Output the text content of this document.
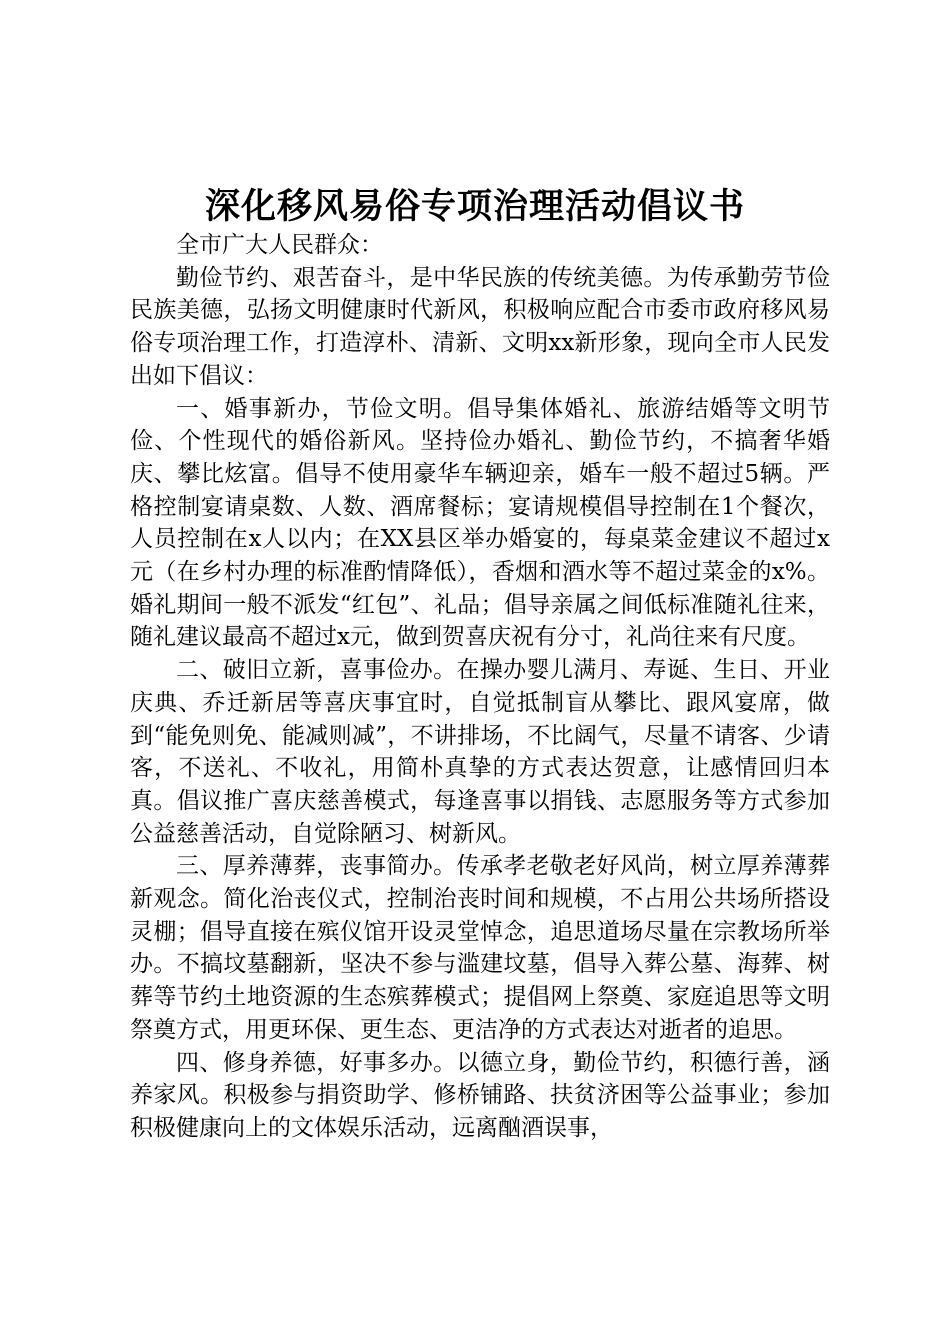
深化移风易俗专项治理活动倡议书

全市广大人民群众：

勤俭节约、艰苦奋斗，是中华民族的传统美德。为传承勤劳节俭民族美德，弘扬文明健康时代新风，积极响应配合市委市政府移风易俗专项治理工作，打造淳朴、清新、文明xx新形象，现向全市人民发出如下倡议：

一、婚事新办，节俭文明。倡导集体婚礼、旅游结婚等文明节俭、个性现代的婚俗新风。坚持俭办婚礼、勤俭节约，不搞奢华婚庆、攀比炫富。倡导不使用豪华车辆迎亲，婚车一般不超过5辆。严格控制宴请桌数、人数、酒席餐标；宴请规模倡导控制在1个餐次，人员控制在x人以内；在XX县区举办婚宴的，每桌菜金建议不超过x元（在乡村办理的标准酌情降低），香烟和酒水等不超过菜金的x%。婚礼期间一般不派发“红包”、礼品；倡导亲属之间低标准随礼往来，随礼建议最高不超过x元，做到贺喜庆祝有分寸，礼尚往来有尺度。

二、破旧立新，喜事俭办。在操办婴儿满月、寿诞、生日、开业庆典、乔迁新居等喜庆事宜时，自觉抵制盲从攀比、跟风宴席，做到“能免则免、能减则减”，不讲排场，不比阔气，尽量不请客、少请客，不送礼、不收礼，用简朴真挚的方式表达贺意，让感情回归本真。倡议推广喜庆慈善模式，每逢喜事以捐钱、志愿服务等方式参加公益慈善活动，自觉除陋习、树新风。

三、厚养薄葬，丧事简办。传承孝老敬老好风尚，树立厚养薄葬新观念。简化治丧仪式，控制治丧时间和规模，不占用公共场所搭设灵棚；倡导直接在殡仪馆开设灵堂悼念，追思道场尽量在宗教场所举办。不搞坟墓翻新，坚决不参与滥建坟墓，倡导入葬公墓、海葬、树葬等节约土地资源的生态殡葬模式；提倡网上祭奠、家庭追思等文明祭奠方式，用更环保、更生态、更洁净的方式表达对逝者的追思。

四、修身养德，好事多办。以德立身，勤俭节约，积德行善，涵养家风。积极参与捐资助学、修桥铺路、扶贫济困等公益事业；参加积极健康向上的文体娱乐活动，远离酗酒误事，
